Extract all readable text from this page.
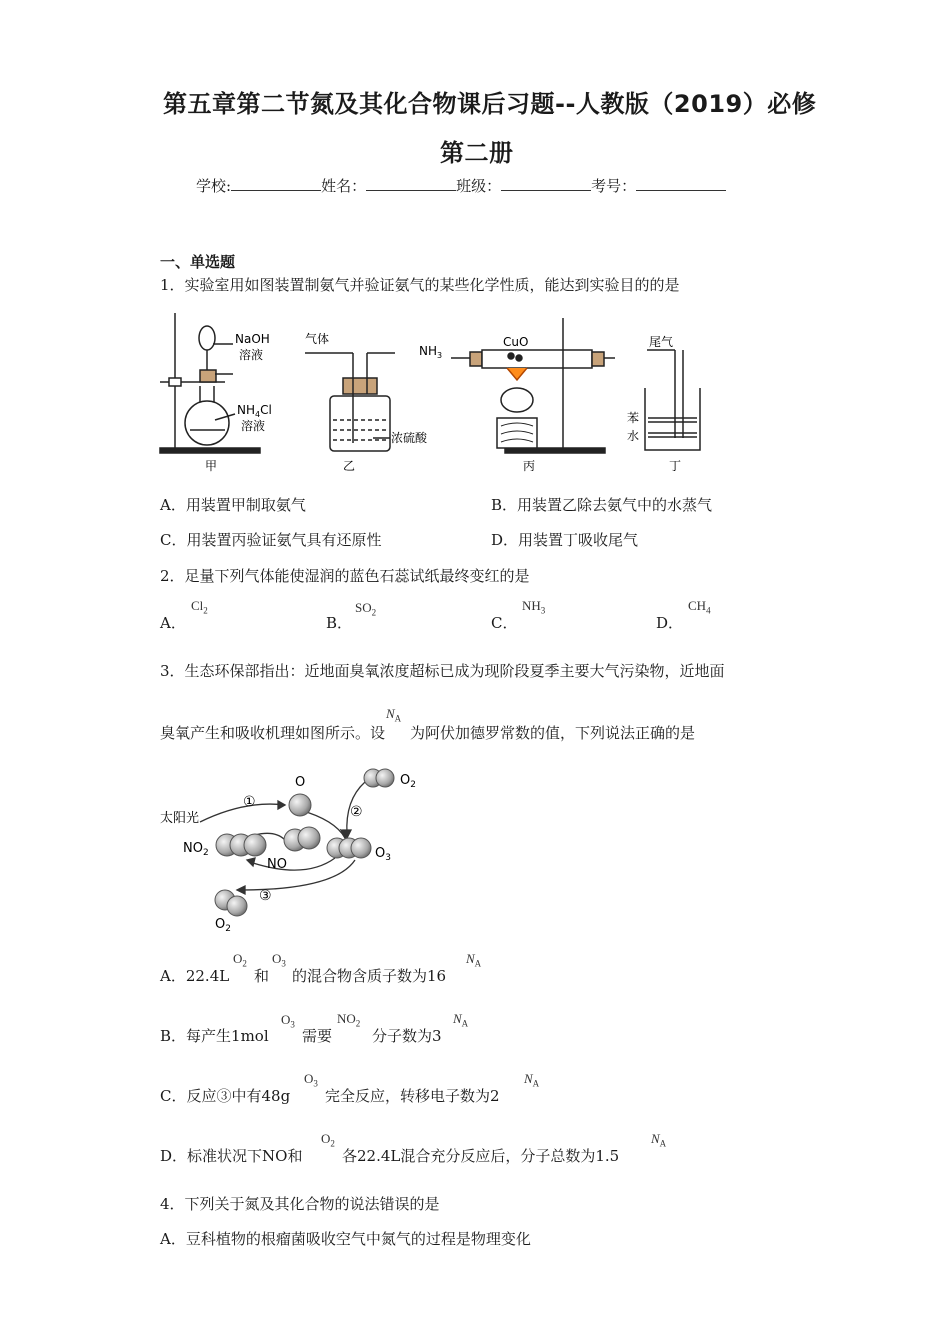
第五章第二节氮及其化合物课后习题--人教版（2019）必修
第二册
学校:	姓名：	班级：	考号：
一、单选题
1．实验室用如图装置制氨气并验证氨气的某些化学性质，能达到实验目的的是
NaOH
溶液
$NH_4Cl$
溶液
甲
气体
浓硫酸
乙
$NH_3$
CuO
丙
尾气
苯
水
丁
A．用装置甲制取氨气	B．用装置乙除去氨气中的水蒸气
C．用装置丙验证氨气具有还原性	D．用装置丁吸收尾气
2．足量下列气体能使湿润的蓝色石蕊试纸最终变红的是
A．
$Cl_2$
B．
$SO_2$
C．
$NH_3$
D．
$CH_4$
3．生态环保部指出：近地面臭氧浓度超标已成为现阶段夏季主要大气污染物，近地面
臭氧产生和吸收机理如图所示。设
$N_A$
为阿伏加德罗常数的值，下列说法正确的是
O	$O_2$
太阳光
$NO_2$
NO
$O_3$
$O_2$
①
②
③
A．22.4L
$O_2$
和
$O_3$
的混合物含质子数为16
$N_A$
B．每产生1mol
$O_3$
需要
$NO_2$
分子数为3
$N_A$
C．反应③中有48g
$O_3$
完全反应，转移电子数为2
$N_A$
D．标准状况下NO和
$O_2$
各22.4L混合充分反应后，分子总数为1.5
$N_A$
4．下列关于氮及其化合物的说法错误的是
A．豆科植物的根瘤菌吸收空气中氮气的过程是物理变化
